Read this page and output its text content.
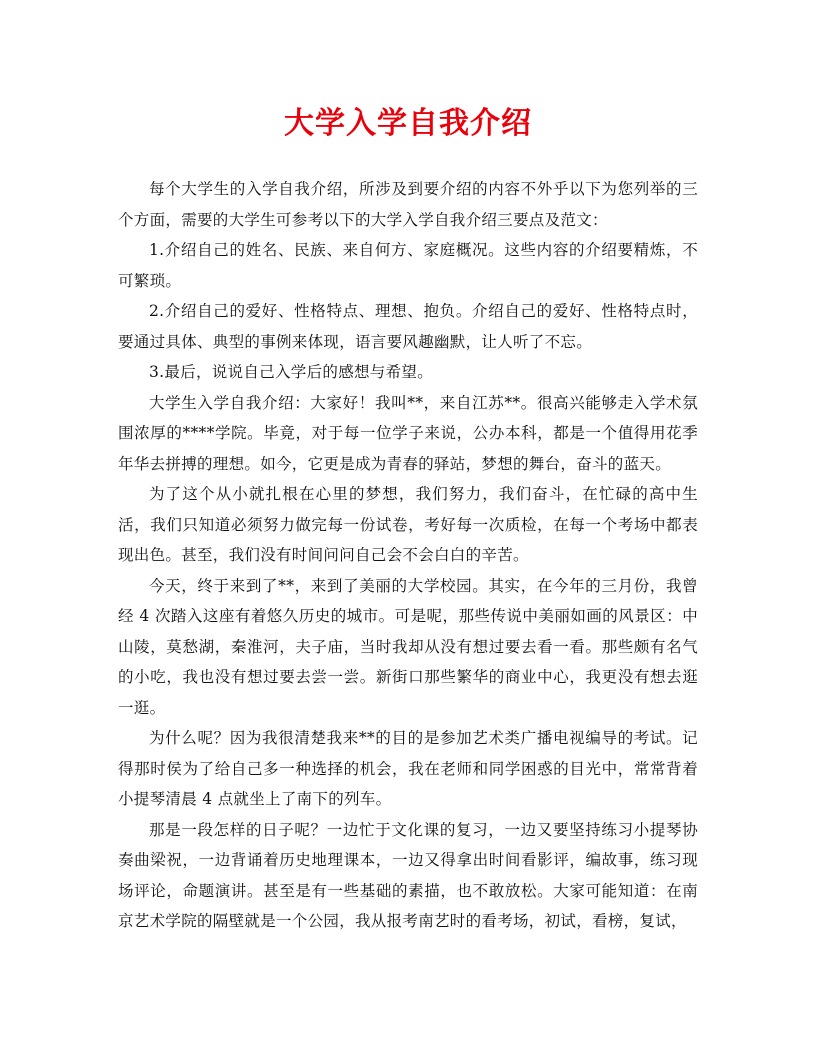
大学入学自我介绍

每个大学生的入学自我介绍，所涉及到要介绍的内容不外乎以下为您列举的三个方面，需要的大学生可参考以下的大学入学自我介绍三要点及范文：

1.介绍自己的姓名、民族、来自何方、家庭概况。这些内容的介绍要精炼，不可繁琐。

2.介绍自己的爱好、性格特点、理想、抱负。介绍自己的爱好、性格特点时，要通过具体、典型的事例来体现，语言要风趣幽默，让人听了不忘。

3.最后，说说自己入学后的感想与希望。

大学生入学自我介绍：大家好！我叫**，来自江苏**。很高兴能够走入学术氛围浓厚的****学院。毕竟，对于每一位学子来说，公办本科，都是一个值得用花季年华去拼搏的理想。如今，它更是成为青春的驿站，梦想的舞台，奋斗的蓝天。

为了这个从小就扎根在心里的梦想，我们努力，我们奋斗，在忙碌的高中生活，我们只知道必须努力做完每一份试卷，考好每一次质检，在每一个考场中都表现出色。甚至，我们没有时间问问自己会不会白白的辛苦。

今天，终于来到了**，来到了美丽的大学校园。其实，在今年的三月份，我曾经 4 次踏入这座有着悠久历史的城市。可是呢，那些传说中美丽如画的风景区：中山陵，莫愁湖，秦淮河，夫子庙，当时我却从没有想过要去看一看。那些颇有名气的小吃，我也没有想过要去尝一尝。新街口那些繁华的商业中心，我更没有想去逛一逛。

为什么呢？因为我很清楚我来**的目的是参加艺术类广播电视编导的考试。记得那时侯为了给自己多一种选择的机会，我在老师和同学困惑的目光中，常常背着小提琴清晨 4 点就坐上了南下的列车。

那是一段怎样的日子呢？一边忙于文化课的复习，一边又要坚持练习小提琴协奏曲梁祝，一边背诵着历史地理课本，一边又得拿出时间看影评，编故事，练习现场评论，命题演讲。甚至是有一些基础的素描，也不敢放松。大家可能知道：在南京艺术学院的隔壁就是一个公园，我从报考南艺时的看考场，初试，看榜，复试，
